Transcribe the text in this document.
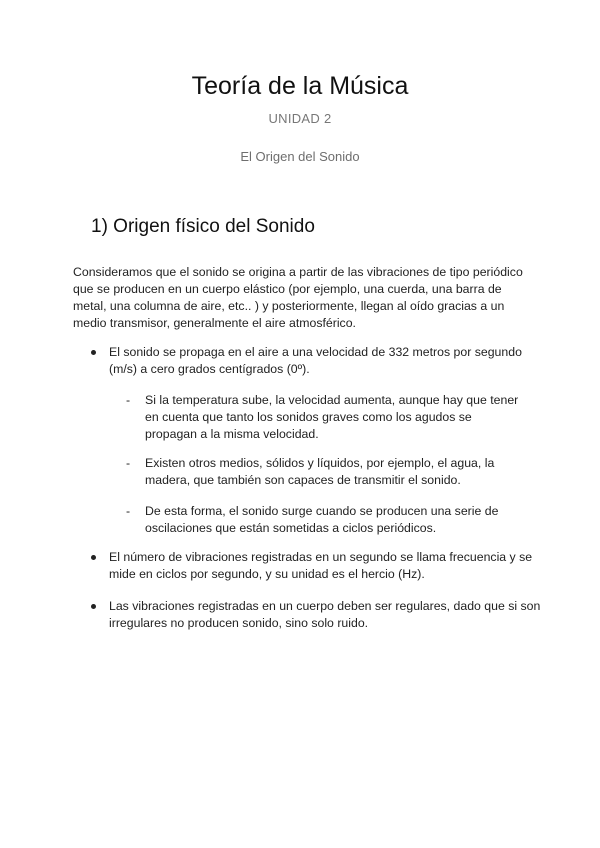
Teoría de la Música
UNIDAD 2
El Origen del Sonido
1) Origen físico del Sonido

Consideramos que el sonido se origina a partir de las vibraciones de tipo periódico que se producen en un cuerpo elástico (por ejemplo, una cuerda, una barra de metal, una columna de aire, etc.. ) y posteriormente, llegan al oído gracias a un medio transmisor, generalmente el aire atmosférico.

El sonido se propaga en el aire a una velocidad de 332 metros por segundo (m/s) a cero grados centígrados (0º).
- Si la temperatura sube, la velocidad aumenta, aunque hay que tener en cuenta que tanto los sonidos graves como los agudos se propagan a la misma velocidad.
- Existen otros medios, sólidos y líquidos, por ejemplo, el agua, la madera, que también son capaces de transmitir el sonido.
- De esta forma, el sonido surge cuando se producen una serie de oscilaciones que están sometidas a ciclos periódicos.
El número de vibraciones registradas en un segundo se llama frecuencia y se mide en ciclos por segundo, y su unidad es el hercio (Hz).
Las vibraciones registradas en un cuerpo deben ser regulares, dado que si son irregulares no producen sonido, sino solo ruido.
